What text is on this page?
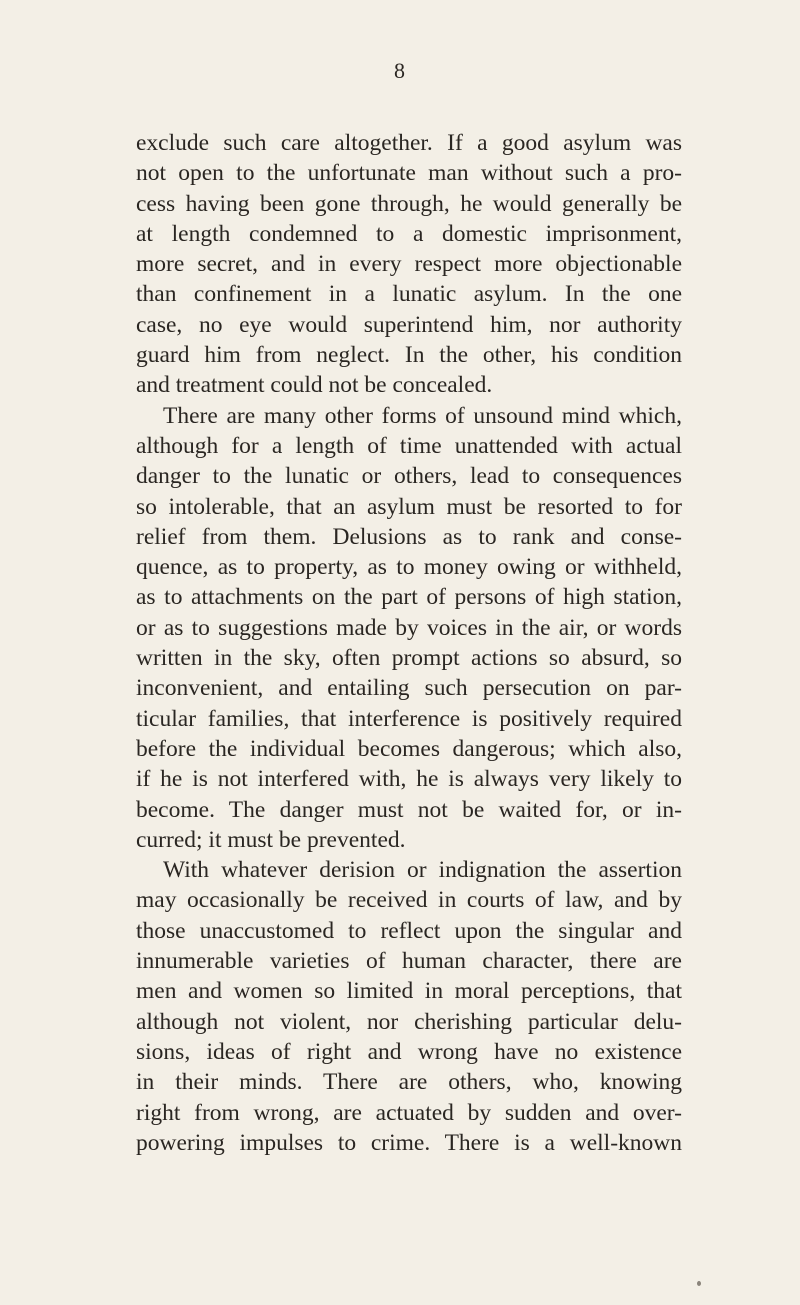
8
exclude such care altogether. If a good asylum was
not open to the unfortunate man without such a pro-
cess having been gone through, he would generally be
at length condemned to a domestic imprisonment,
more secret, and in every respect more objectionable
than confinement in a lunatic asylum. In the one
case, no eye would superintend him, nor authority
guard him from neglect. In the other, his condition
and treatment could not be concealed.
There are many other forms of unsound mind which,
although for a length of time unattended with actual
danger to the lunatic or others, lead to consequences
so intolerable, that an asylum must be resorted to for
relief from them. Delusions as to rank and conse-
quence, as to property, as to money owing or withheld,
as to attachments on the part of persons of high station,
or as to suggestions made by voices in the air, or words
written in the sky, often prompt actions so absurd, so
inconvenient, and entailing such persecution on par-
ticular families, that interference is positively required
before the individual becomes dangerous; which also,
if he is not interfered with, he is always very likely to
become. The danger must not be waited for, or in-
curred; it must be prevented.
With whatever derision or indignation the assertion
may occasionally be received in courts of law, and by
those unaccustomed to reflect upon the singular and
innumerable varieties of human character, there are
men and women so limited in moral perceptions, that
although not violent, nor cherishing particular delu-
sions, ideas of right and wrong have no existence
in their minds. There are others, who, knowing
right from wrong, are actuated by sudden and over-
powering impulses to crime. There is a well-known
